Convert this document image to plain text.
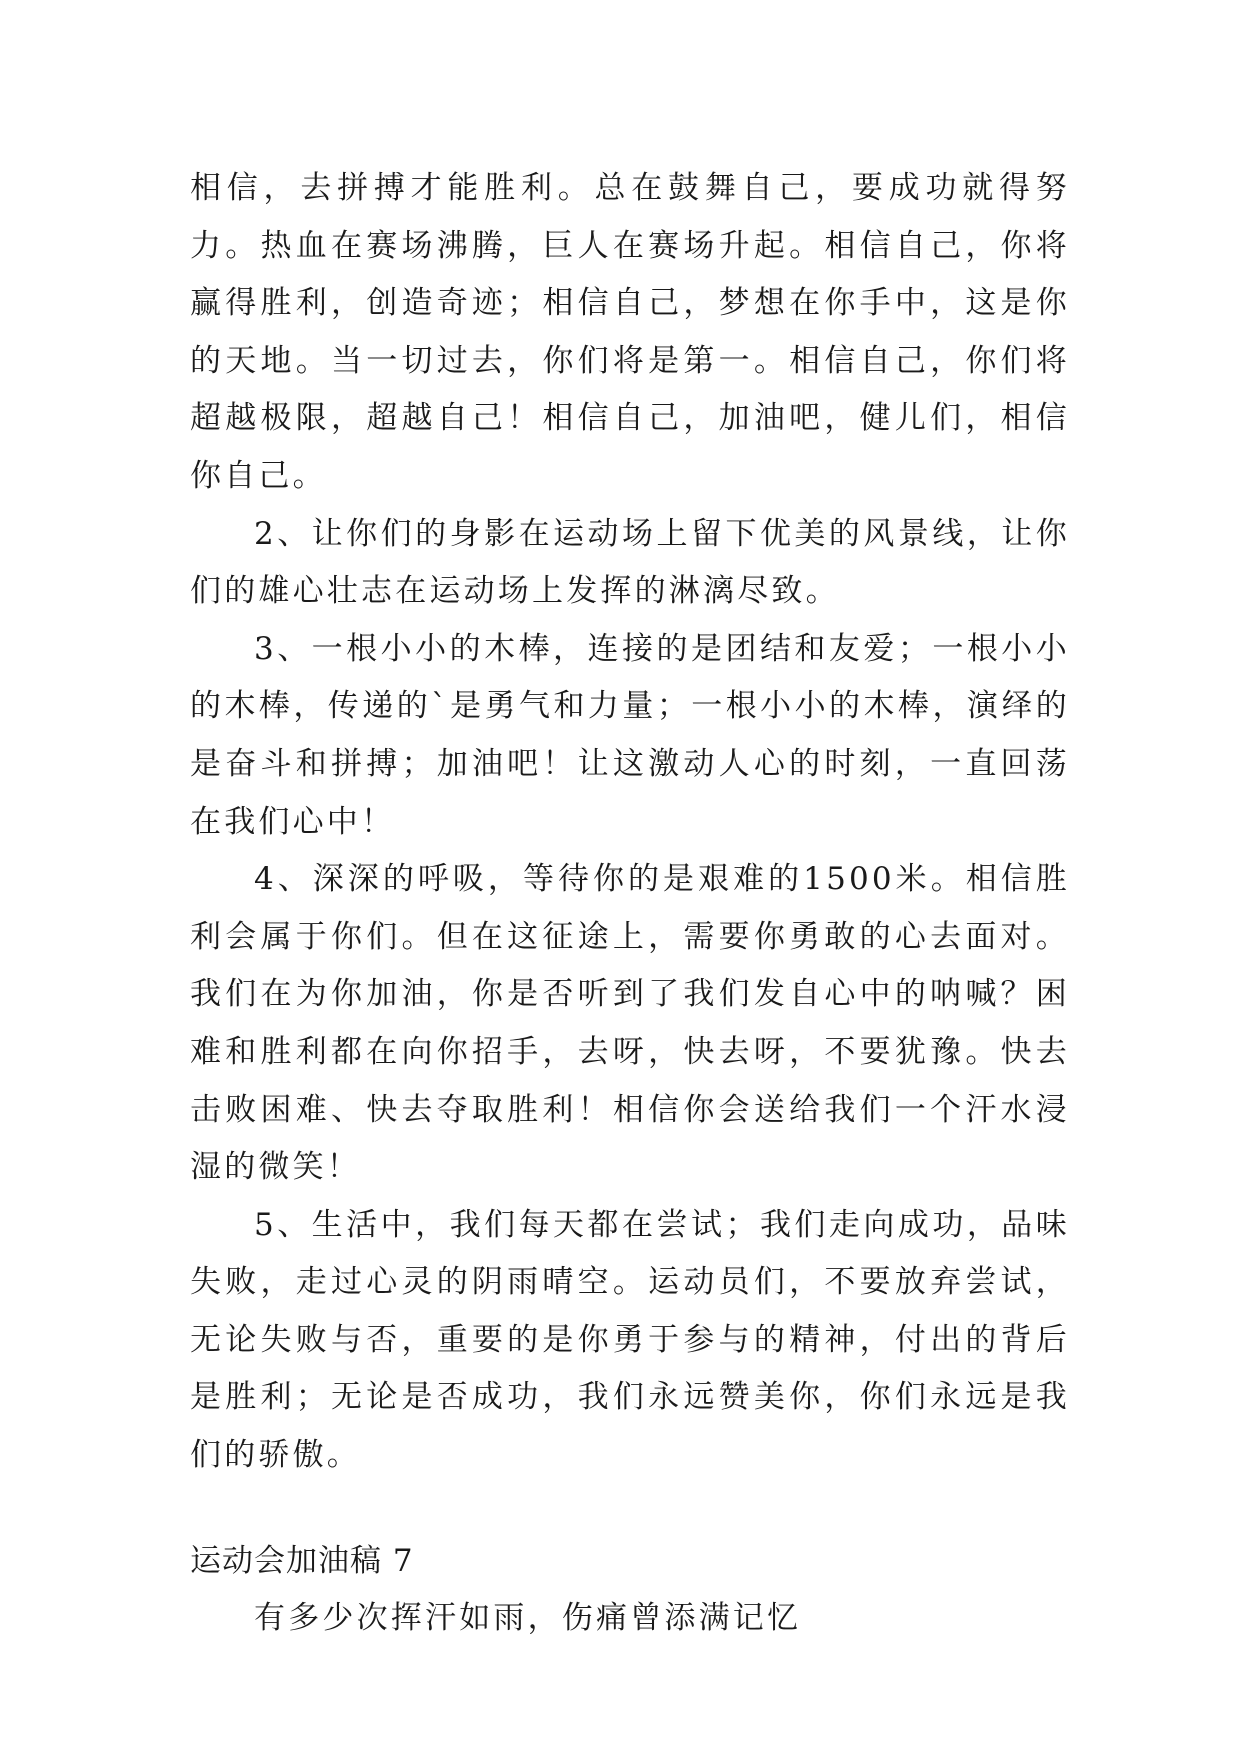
相信，去拼搏才能胜利。总在鼓舞自己，要成功就得努力。热血在赛场沸腾，巨人在赛场升起。相信自己，你将赢得胜利，创造奇迹；相信自己，梦想在你手中，这是你的天地。当一切过去，你们将是第一。相信自己，你们将超越极限，超越自己！相信自己，加油吧，健儿们，相信你自己。

2、让你们的身影在运动场上留下优美的风景线，让你们的雄心壮志在运动场上发挥的淋漓尽致。

3、一根小小的木棒，连接的是团结和友爱；一根小小的木棒，传递的`是勇气和力量；一根小小的木棒，演绎的是奋斗和拼搏；加油吧！让这激动人心的时刻，一直回荡在我们心中！

4、深深的呼吸，等待你的是艰难的1500米。相信胜利会属于你们。但在这征途上，需要你勇敢的心去面对。我们在为你加油，你是否听到了我们发自心中的呐喊？困难和胜利都在向你招手，去呀，快去呀，不要犹豫。快去击败困难、快去夺取胜利！相信你会送给我们一个汗水浸湿的微笑！

5、生活中，我们每天都在尝试；我们走向成功，品味失败，走过心灵的阴雨晴空。运动员们，不要放弃尝试，无论失败与否，重要的是你勇于参与的精神，付出的背后是胜利；无论是否成功，我们永远赞美你，你们永远是我们的骄傲。

运动会加油稿 7

有多少次挥汗如雨，伤痛曾添满记忆
